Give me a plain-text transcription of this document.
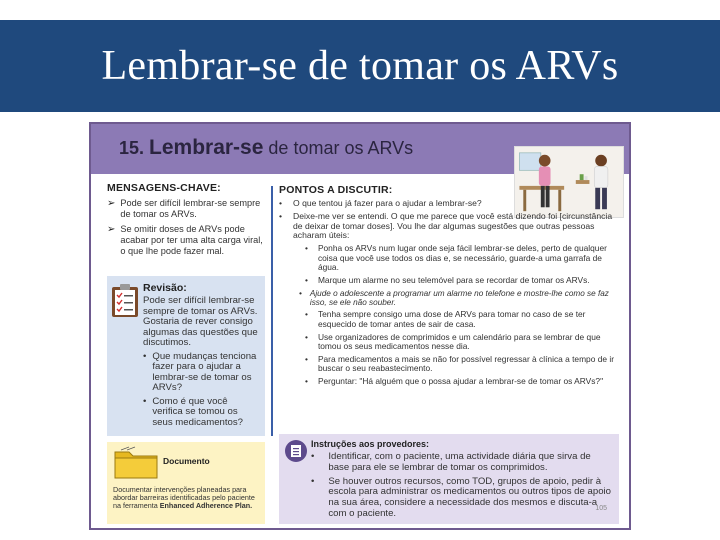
Lembrar-se de tomar os ARVs
15. Lembrar-se de tomar os ARVs
MENSAGENS-CHAVE:
➢ Pode ser difícil lembrar-se sempre de tomar os ARVs.
➢ Se omitir doses de ARVs pode acabar por ter uma alta carga viral, o que lhe pode fazer mal.
Revisão:
Pode ser difícil lembrar-se sempre de tomar os ARVs. Gostaria de rever consigo algumas das questões que discutimos.
• Que mudanças tenciona fazer para o ajudar a lembrar-se de tomar os ARVs?
• Como é que você verifica se tomou os seus medicamentos?
Documento
Documentar intervenções planeadas para abordar barreiras identificadas pelo paciente na ferramenta Enhanced Adherence Plan.
PONTOS A DISCUTIR:
•	O que tentou já fazer para o ajudar a lembrar-se?
•	Deixe-me ver se entendi. O que me parece que você está dizendo foi [circunstância de deixar de tomar doses]. Vou lhe dar algumas sugestões que outras pessoas acharam úteis:
• Ponha os ARVs num lugar onde seja fácil lembrar-se deles, perto de qualquer coisa que você use todos os dias e, se necessário, guarde-a uma garrafa de água.
• Marque um alarme no seu telemóvel para se recordar de tomar os ARVs.
• Ajude o adolescente a programar um alarme no telefone e mostre-lhe como se faz isso, se ele não souber.
• Tenha sempre consigo uma dose de ARVs para tomar no caso de se ter esquecido de tomar antes de sair de casa.
• Use organizadores de comprimidos e um calendário para se lembrar de que tomou os seus medicamentos nesse dia.
• Para medicamentos a mais se não for possível regressar à clínica a tempo de ir buscar o seu reabastecimento.
• Perguntar: "Há alguém que o possa ajudar a lembrar-se de tomar os ARVs?"
Instruções aos provedores:
• Identificar, com o paciente, uma actividade diária que sirva de base para ele se lembrar de tomar os comprimidos.
• Se houver outros recursos, como TOD, grupos de apoio, pedir à escola para administrar os medicamentos ou outros tipos de apoio na sua área, considere a necessidade dos mesmos e discuta-a com o paciente.	105
